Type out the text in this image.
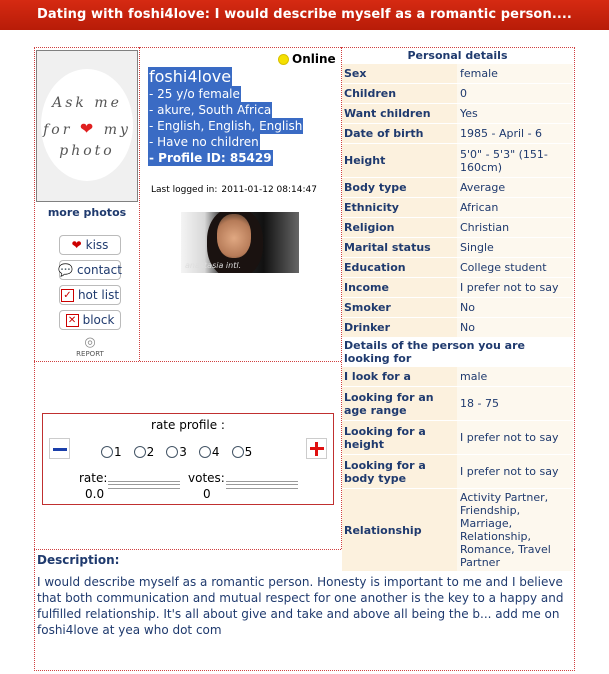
Dating with foshi4love: I would describe myself as a romantic person....
Ask me
for ❤ my
photo
more photos
❤ kiss
💬 contact
✓ hot list
✕ block
◎
REPORT
Online
foshi4love
- 25 y/o female
- akure, South Africa
- English, English, English
- Have no children
- Profile ID: 85429
Last logged in: 2011-01-12 08:14:47
anastasia intl.
Personal details	
Sex	female
Children	0
Want children	Yes
Date of birth	1985 - April - 6
Height	5'0" - 5'3" (151-160cm)
Body type	Average
Ethnicity	African
Religion	Christian
Marital status	Single
Education	College student
Income	I prefer not to say
Smoker	No
Drinker	No
Details of the person you are looking for	
I look for a	male
Looking for an age range	18 - 75
Looking for a height	I prefer not to say
Looking for a body type	I prefer not to say
Relationship	Activity Partner, Friendship, Marriage, Relationship, Romance, Travel Partner
rate profile :
1 2 3 4 5
rate:
0.0
votes:
0
Description:
I would describe myself as a romantic person. Honesty is important to me and I believe that both communication and mutual respect for one another is the key to a happy and fulfilled relationship. It's all about give and take and above all being the b... add me on foshi4love at yea who dot com
